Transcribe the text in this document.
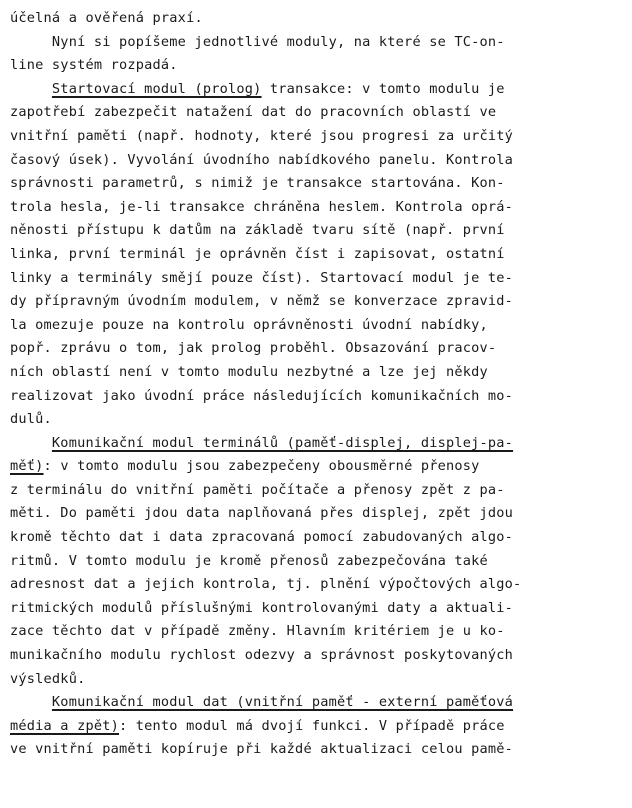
účelná a ověřená praxí.
Nyní si popíšeme jednotlivé moduly, na které se TC-on-
line systém rozpadá.
Startovací modul (prolog) transakce: v tomto modulu je
zapotřebí zabezpečit natažení dat do pracovních oblastí ve
vnitřní paměti (např. hodnoty, které jsou progresi za určitý
časový úsek). Vyvolání úvodního nabídkového panelu. Kontrola
správnosti parametrů, s nimiž je transakce startována. Kon-
trola hesla, je-li transakce chráněna heslem. Kontrola oprá-
něnosti přístupu k datům na základě tvaru sítě (např. první
linka, první terminál je oprávněn číst i zapisovat, ostatní
linky a terminály smějí pouze číst). Startovací modul je te-
dy přípravným úvodním modulem, v němž se konverzace zpravid-
la omezuje pouze na kontrolu oprávněnosti úvodní nabídky,
popř. zprávu o tom, jak prolog proběhl. Obsazování pracov-
ních oblastí není v tomto modulu nezbytné a lze jej někdy
realizovat jako úvodní práce následujících komunikačních mo-
dulů.
Komunikační modul terminálů (paměť-displej, displej-pa-
měť): v tomto modulu jsou zabezpečeny obousměrné přenosy
z terminálu do vnitřní paměti počítače a přenosy zpět z pa-
měti. Do paměti jdou data naplňovaná přes displej, zpět jdou
kromě těchto dat i data zpracovaná pomocí zabudovaných algo-
ritmů. V tomto modulu je kromě přenosů zabezpečována také
adresnost dat a jejich kontrola, tj. plnění výpočtových algo-
ritmických modulů příslušnými kontrolovanými daty a aktuali-
zace těchto dat v případě změny. Hlavním kritériem je u ko-
munikačního modulu rychlost odezvy a správnost poskytovaných
výsledků.
Komunikační modul dat (vnitřní paměť - externí paměťová
média a zpět): tento modul má dvojí funkci. V případě práce
ve vnitřní paměti kopíruje při každé aktualizaci celou pamě-
